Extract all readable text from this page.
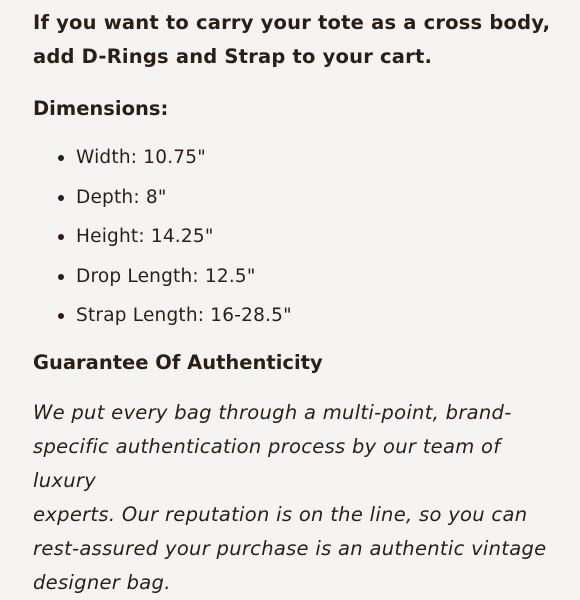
If you want to carry your tote as a cross body,
add D-Rings and Strap to your cart.

Dimensions:
Width: 10.75"
Depth: 8"
Height: 14.25"
Drop Length: 12.5"
Strap Length: 16-28.5"
Guarantee Of Authenticity

We put every bag through a multi-point, brand-
specific authentication process by our team of luxury
experts. Our reputation is on the line, so you can
rest-assured your purchase is an authentic vintage
designer bag.
